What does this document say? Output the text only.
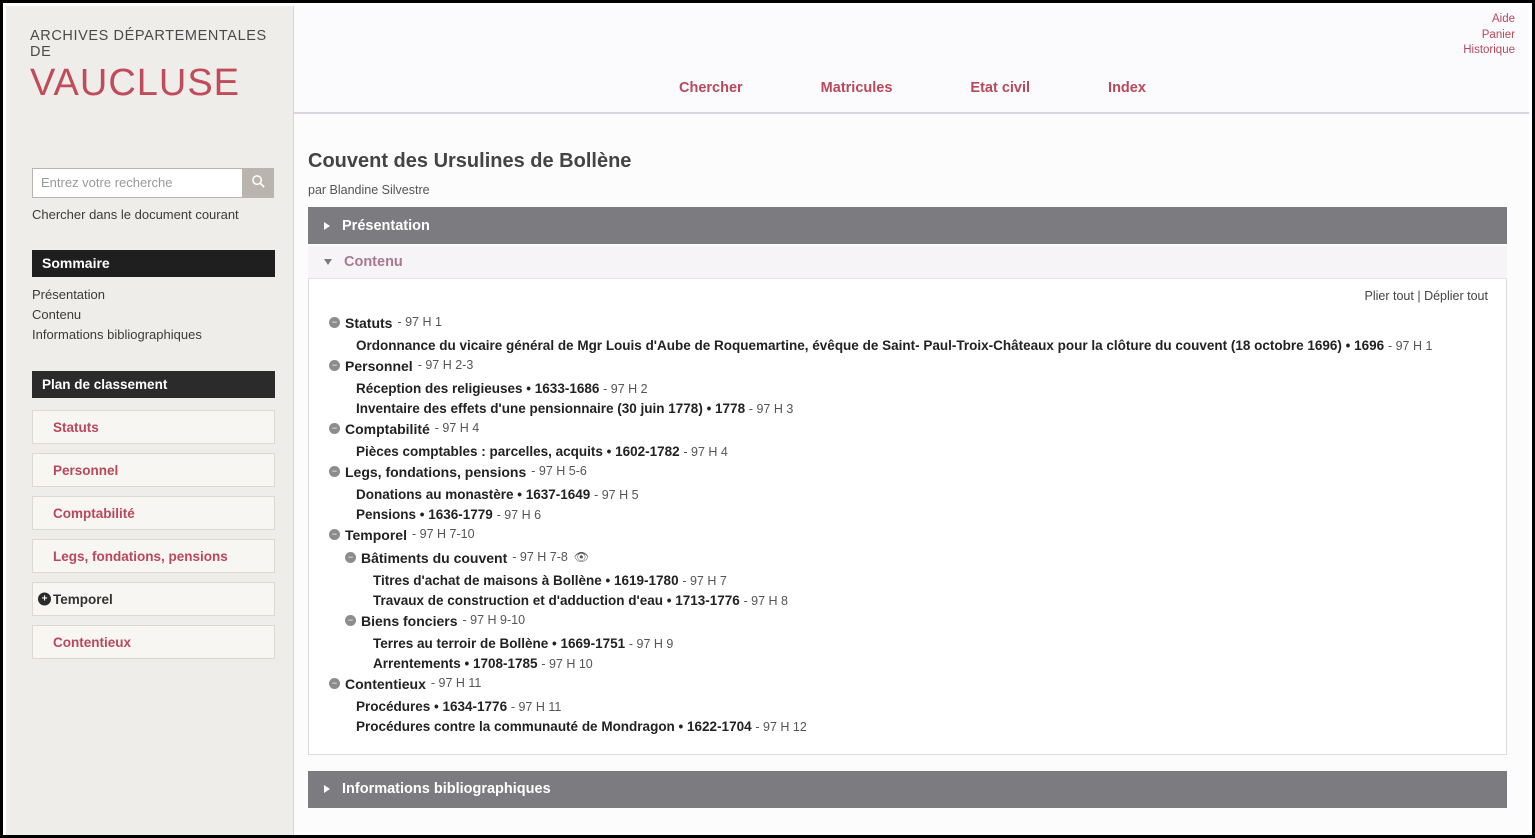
ARCHIVES DÉPARTEMENTALES DE
VAUCLUSE
Entrez votre recherche
Chercher dans le document courant
Sommaire
Présentation
Contenu
Informations bibliographiques
Plan de classement
Statuts
Personnel
Comptabilité
Legs, fondations, pensions
+ Temporel
Contentieux
Aide
Panier
Historique
Chercher	Matricules	Etat civil	Index
Couvent des Ursulines de Bollène
par Blandine Silvestre
Présentation
Contenu
Plier tout | Déplier tout
− Statuts - 97 H 1
Ordonnance du vicaire général de Mgr Louis d'Aube de Roquemartine, évêque de Saint- Paul-Troix-Châteaux pour la clôture du couvent (18 octobre 1696) • 1696 - 97 H 1
− Personnel - 97 H 2-3
Réception des religieuses • 1633-1686 - 97 H 2
Inventaire des effets d'une pensionnaire (30 juin 1778) • 1778 - 97 H 3
− Comptabilité - 97 H 4
Pièces comptables : parcelles, acquits • 1602-1782 - 97 H 4
− Legs, fondations, pensions - 97 H 5-6
Donations au monastère • 1637-1649 - 97 H 5
Pensions • 1636-1779 - 97 H 6
− Temporel - 97 H 7-10
− Bâtiments du couvent - 97 H 7-8 👁
Titres d'achat de maisons à Bollène • 1619-1780 - 97 H 7
Travaux de construction et d'adduction d'eau • 1713-1776 - 97 H 8
− Biens fonciers - 97 H 9-10
Terres au terroir de Bollène • 1669-1751 - 97 H 9
Arrentements • 1708-1785 - 97 H 10
− Contentieux - 97 H 11
Procédures • 1634-1776 - 97 H 11
Procédures contre la communauté de Mondragon • 1622-1704 - 97 H 12
Informations bibliographiques
